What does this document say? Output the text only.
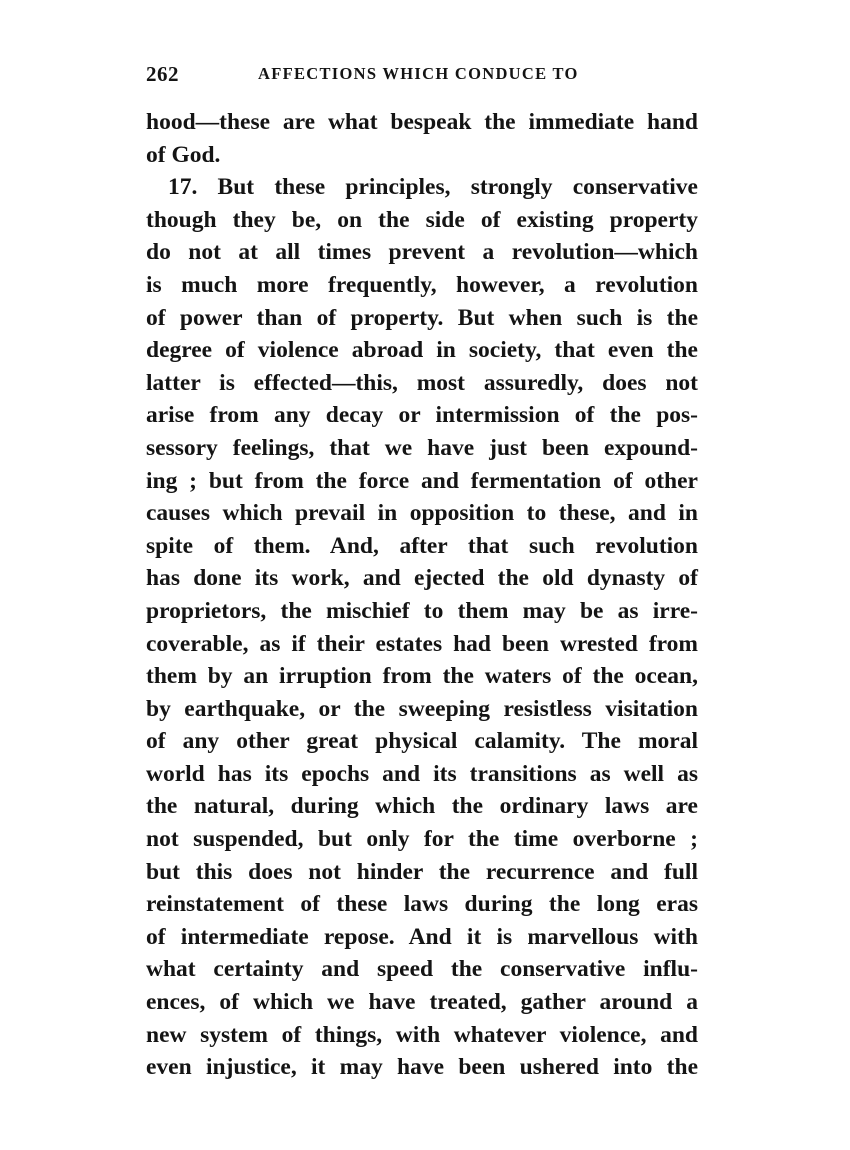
262	AFFECTIONS WHICH CONDUCE TO
hood—these are what bespeak the immediate hand
of God.
17. But these principles, strongly conservative
though they be, on the side of existing property
do not at all times prevent a revolution—which
is much more frequently, however, a revolution
of power than of property. But when such is the
degree of violence abroad in society, that even the
latter is effected—this, most assuredly, does not
arise from any decay or intermission of the pos-
sessory feelings, that we have just been expound-
ing ; but from the force and fermentation of other
causes which prevail in opposition to these, and in
spite of them. And, after that such revolution
has done its work, and ejected the old dynasty of
proprietors, the mischief to them may be as irre-
coverable, as if their estates had been wrested from
them by an irruption from the waters of the ocean,
by earthquake, or the sweeping resistless visitation
of any other great physical calamity. The moral
world has its epochs and its transitions as well as
the natural, during which the ordinary laws are
not suspended, but only for the time overborne ;
but this does not hinder the recurrence and full
reinstatement of these laws during the long eras
of intermediate repose. And it is marvellous with
what certainty and speed the conservative influ-
ences, of which we have treated, gather around a
new system of things, with whatever violence, and
even injustice, it may have been ushered into the
